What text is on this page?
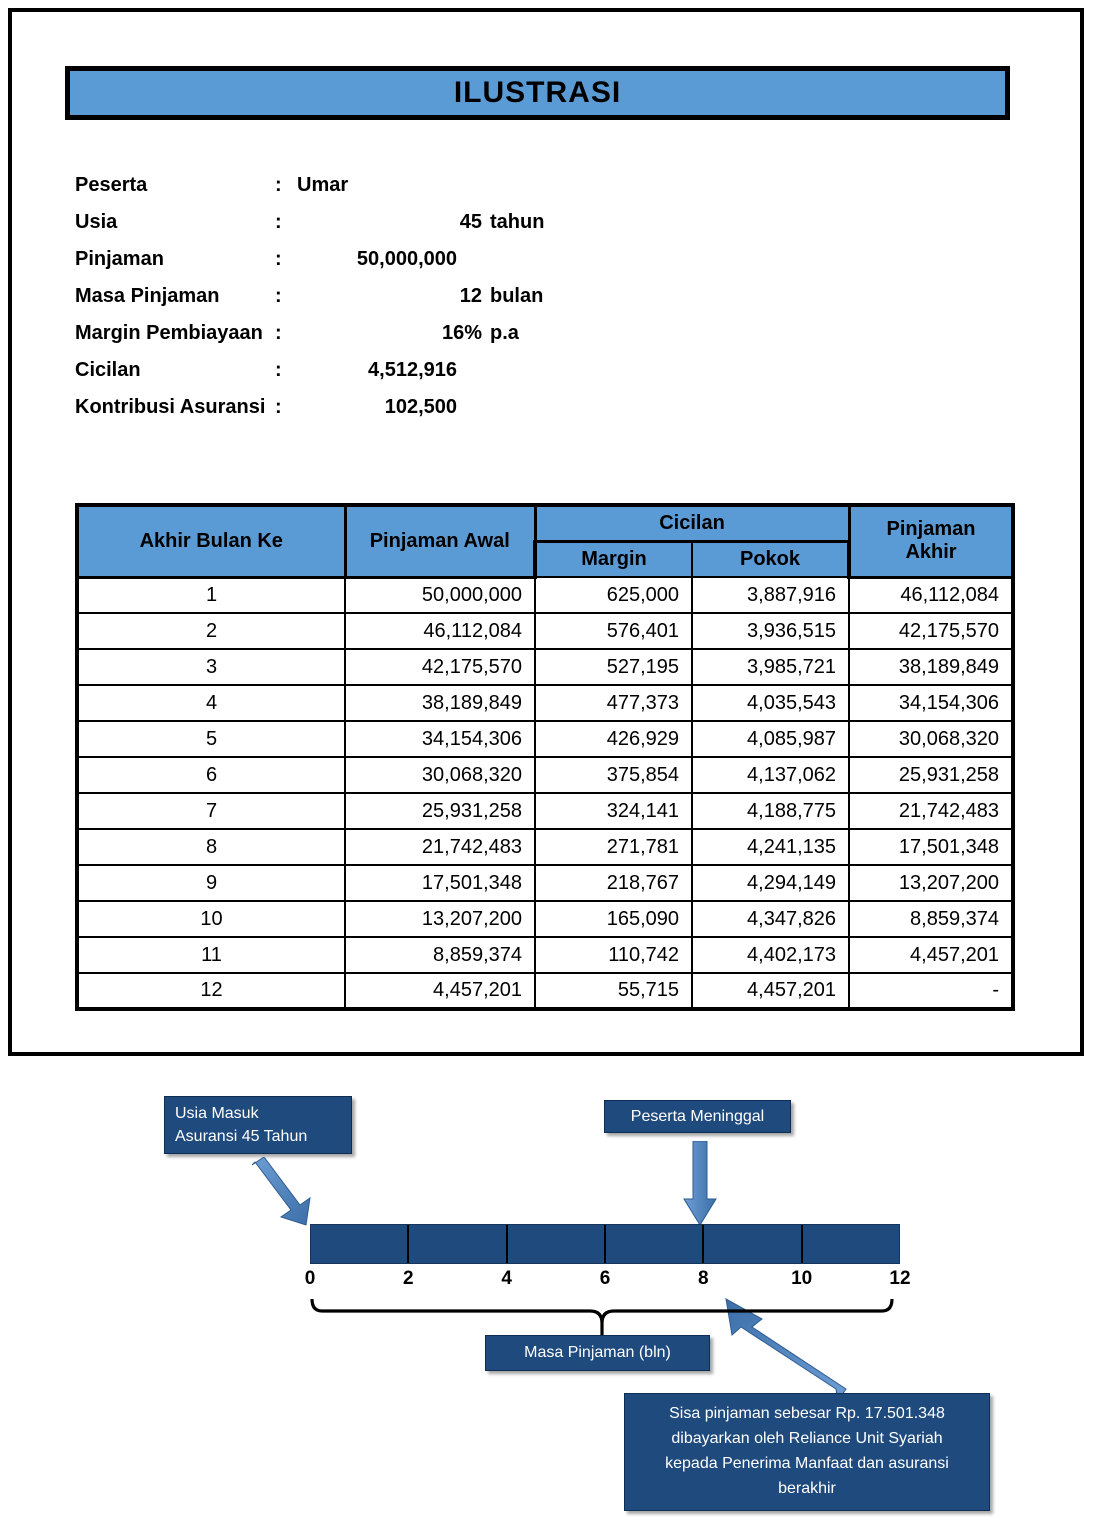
ILUSTRASI
Peserta	: Umar
Usia	:	45 tahun
Pinjaman	:	50,000,000
Masa Pinjaman	:	12 bulan
Margin Pembiayaan :	16% p.a
Cicilan	:	4,512,916
Kontribusi Asuransi :	102,500
Akhir Bulan Ke	Pinjaman Awal	Cicilan		Pinjaman
Akhir

		Margin	Pokok	
1	50,000,000	625,000	3,887,916	46,112,084
2	46,112,084	576,401	3,936,515	42,175,570
3	42,175,570	527,195	3,985,721	38,189,849
4	38,189,849	477,373	4,035,543	34,154,306
5	34,154,306	426,929	4,085,987	30,068,320
6	30,068,320	375,854	4,137,062	25,931,258
7	25,931,258	324,141	4,188,775	21,742,483
8	21,742,483	271,781	4,241,135	17,501,348
9	17,501,348	218,767	4,294,149	13,207,200
10	13,207,200	165,090	4,347,826	8,859,374
11	8,859,374	110,742	4,402,173	4,457,201
12	4,457,201	55,715	4,457,201	-
Usia Masuk
Asuransi 45 Tahun
Peserta Meninggal
0	2	4	6	8	10	12
Masa Pinjaman (bln)
Sisa pinjaman sebesar Rp. 17.501.348
dibayarkan oleh Reliance Unit Syariah
kepada Penerima Manfaat dan asuransi
berakhir
